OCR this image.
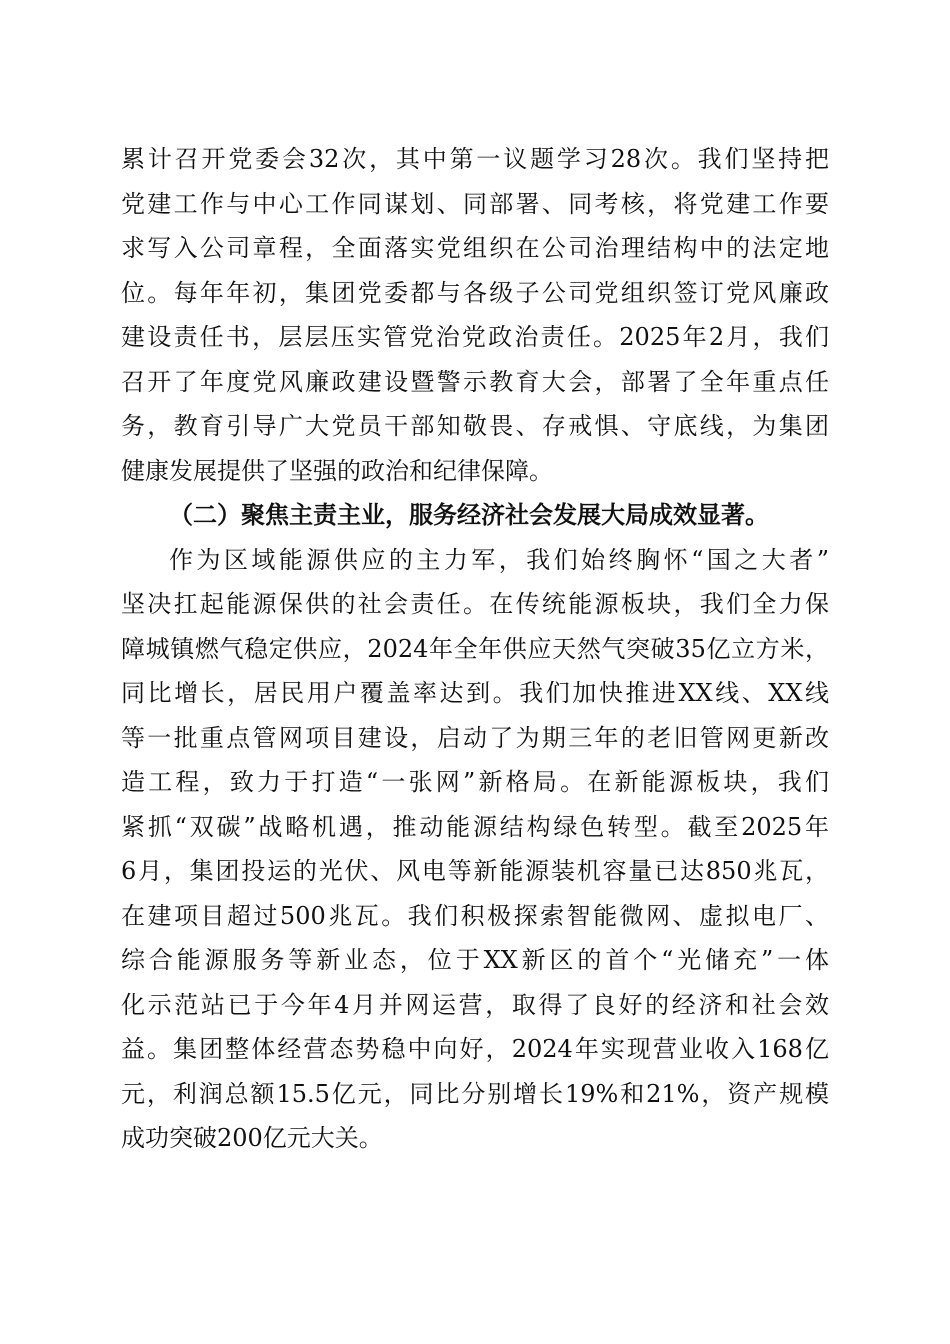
累计召开党委会32次，其中第一议题学习28次。我们坚持把
党建工作与中心工作同谋划、同部署、同考核，将党建工作要
求写入公司章程，全面落实党组织在公司治理结构中的法定地
位。每年年初，集团党委都与各级子公司党组织签订党风廉政
建设责任书，层层压实管党治党政治责任。2025年2月，我们
召开了年度党风廉政建设暨警示教育大会，部署了全年重点任
务，教育引导广大党员干部知敬畏、存戒惧、守底线，为集团
健康发展提供了坚强的政治和纪律保障。
（二）聚焦主责主业，服务经济社会发展大局成效显著。
作为区域能源供应的主力军，我们始终胸怀“国之大者”
坚决扛起能源保供的社会责任。在传统能源板块，我们全力保
障城镇燃气稳定供应，2024年全年供应天然气突破35亿立方米，
同比增长，居民用户覆盖率达到。我们加快推进XX线、XX线
等一批重点管网项目建设，启动了为期三年的老旧管网更新改
造工程，致力于打造“一张网”新格局。在新能源板块，我们
紧抓“双碳”战略机遇，推动能源结构绿色转型。截至2025年
6月，集团投运的光伏、风电等新能源装机容量已达850兆瓦，
在建项目超过500兆瓦。我们积极探索智能微网、虚拟电厂、
综合能源服务等新业态，位于XX新区的首个“光储充”一体
化示范站已于今年4月并网运营，取得了良好的经济和社会效
益。集团整体经营态势稳中向好，2024年实现营业收入168亿
元，利润总额15.5亿元，同比分别增长19%和21%，资产规模
成功突破200亿元大关。
